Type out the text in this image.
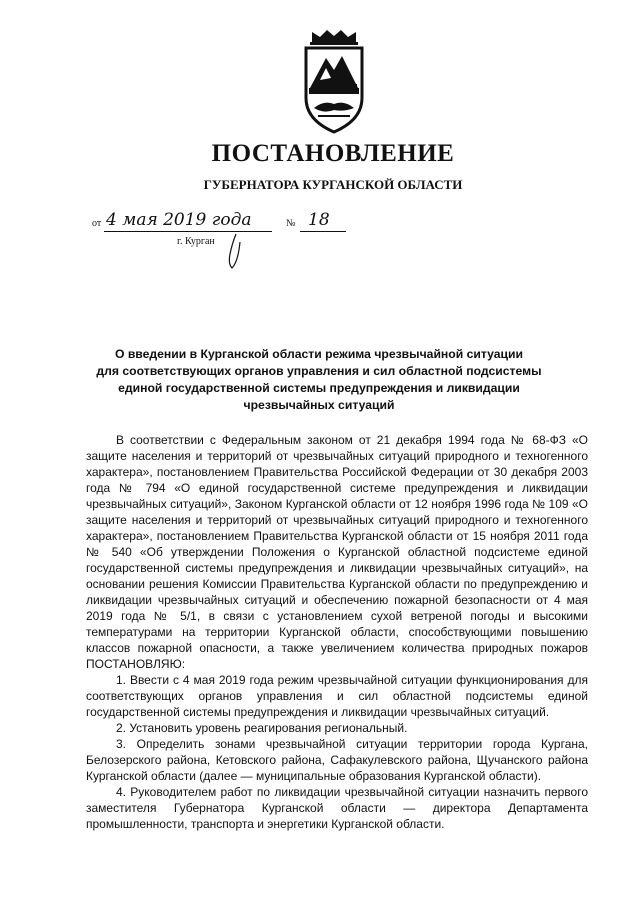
ПОСТАНОВЛЕНИЕ
ГУБЕРНАТОРА КУРГАНСКОЙ ОБЛАСТИ
от 4 мая 2019 года	№ 18
г. Курган
О введении в Курганской области режима чрезвычайной ситуации
для соответствующих органов управления и сил областной подсистемы
единой государственной системы предупреждения и ликвидации
чрезвычайных ситуаций

В соответствии с Федеральным законом от 21 декабря 1994 года № 68-ФЗ «О защите населения и территорий от чрезвычайных ситуаций природного и техногенного характера», постановлением Правительства Российской Федерации от 30 декабря 2003 года № 794 «О единой государственной системе предупреждения и ликвидации чрезвычайных ситуаций», Законом Курганской области от 12 ноября 1996 года № 109 «О защите населения и территорий от чрезвычайных ситуаций природного и техногенного характера», постановлением Правительства Курганской области от 15 ноября 2011 года № 540 «Об утверждении Положения о Курганской областной подсистеме единой государственной системы предупреждения и ликвидации чрезвычайных ситуаций», на основании решения Комиссии Правительства Курганской области по предупреждению и ликвидации чрезвычайных ситуаций и обеспечению пожарной безопасности от 4 мая 2019 года № 5/1, в связи с установлением сухой ветреной погоды и высокими температурами на территории Курганской области, способствующими повышению классов пожарной опасности, а также увеличением количества природных пожаров ПОСТАНОВЛЯЮ:

1. Ввести с 4 мая 2019 года режим чрезвычайной ситуации функционирования для соответствующих органов управления и сил областной подсистемы единой государственной системы предупреждения и ликвидации чрезвычайных ситуаций.

2. Установить уровень реагирования региональный.

3. Определить зонами чрезвычайной ситуации территории города Кургана, Белозерского района, Кетовского района, Сафакулевского района, Щучанского района Курганской области (далее — муниципальные образования Курганской области).

4. Руководителем работ по ликвидации чрезвычайной ситуации назначить первого заместителя Губернатора Курганской области — директора Департамента промышленности, транспорта и энергетики Курганской области.
